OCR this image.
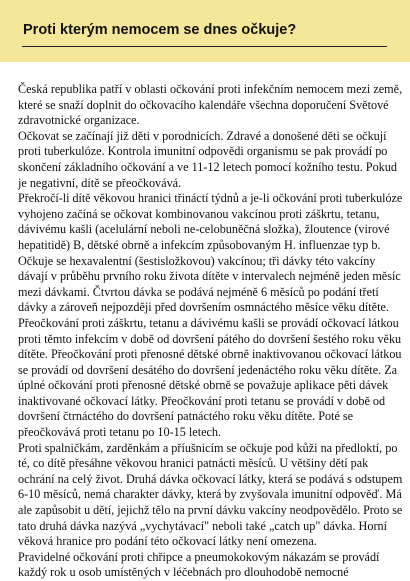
Proti kterým nemocem se dnes očkuje?

Česká republika patří v oblasti očkování proti infekčním nemocem mezi země,
které se snaží doplnit do očkovacího kalendáře všechna doporučení Světové
zdravotnické organizace.

Očkovat se začínají již děti v porodnicích. Zdravé a donošené děti se očkují
proti tuberkulóze. Kontrola imunitní odpovědi organismu se pak provádí po
skončení základního očkování a ve 11-12 letech pomocí kožního testu. Pokud
je negativní, dítě se přeočkovává.

Překročí-li dítě věkovou hranici třináctí týdnů a je-li očkování proti tuberkulóze
vyhojeno začíná se očkovat kombinovanou vakcínou proti záškrtu, tetanu,
dávivému kašli (acelulární neboli ne-celobuněčná složka), žloutence (virové
hepatitidě) B, dětské obrně a infekcím způsobovaným H. influenzae typ b.
Očkuje se hexavalentní (šestisložkovou) vakcínou; tři dávky této vakcíny
dávají v průběhu prvního roku života dítěte v intervalech nejméně jeden měsíc
mezi dávkami. Čtvrtou dávka se podává nejméně 6 měsíců po podání třetí
dávky a zároveň nejpozději před dovršením osmnáctého měsíce věku dítěte.
Přeočkování proti záškrtu, tetanu a dávivému kašli se provádí očkovací látkou
proti těmto infekcím v době od dovršení pátého do dovršení šestého roku věku
dítěte. Přeočkování proti přenosné dětské obrně inaktivovanou očkovací látkou
se provádí od dovršení desátého do dovršení jedenáctého roku věku dítěte. Za
úplné očkování proti přenosné dětské obrně se považuje aplikace pěti dávek
inaktivované očkovací látky. Přeočkování proti tetanu se provádí v době od
dovršení čtrnáctého do dovršení patnáctého roku věku dítěte. Poté se
přeočkovává proti tetanu po 10-15 letech.

Proti spalničkám, zarděnkám a příušnicím se očkuje pod kůži na předloktí, po
té, co dítě přesáhne věkovou hranici patnácti měsíců. U většiny dětí pak
ochrání na celý život. Druhá dávka očkovací látky, která se podává s odstupem
6-10 měsíců, nemá charakter dávky, která by zvyšovala imunitní odpověď. Má
ale zapůsobit u dětí, jejichž tělo na první dávku vakcíny neodpovědělo. Proto se
tato druhá dávka nazývá „vychytávací" neboli také „catch up" dávka. Horní
věková hranice pro podání této očkovací látky není omezena.

Pravidelné očkování proti chřipce a pneumokokovým nákazám se provádí
každý rok u osob umístěných v léčebnách pro dlouhodobě nemocné
